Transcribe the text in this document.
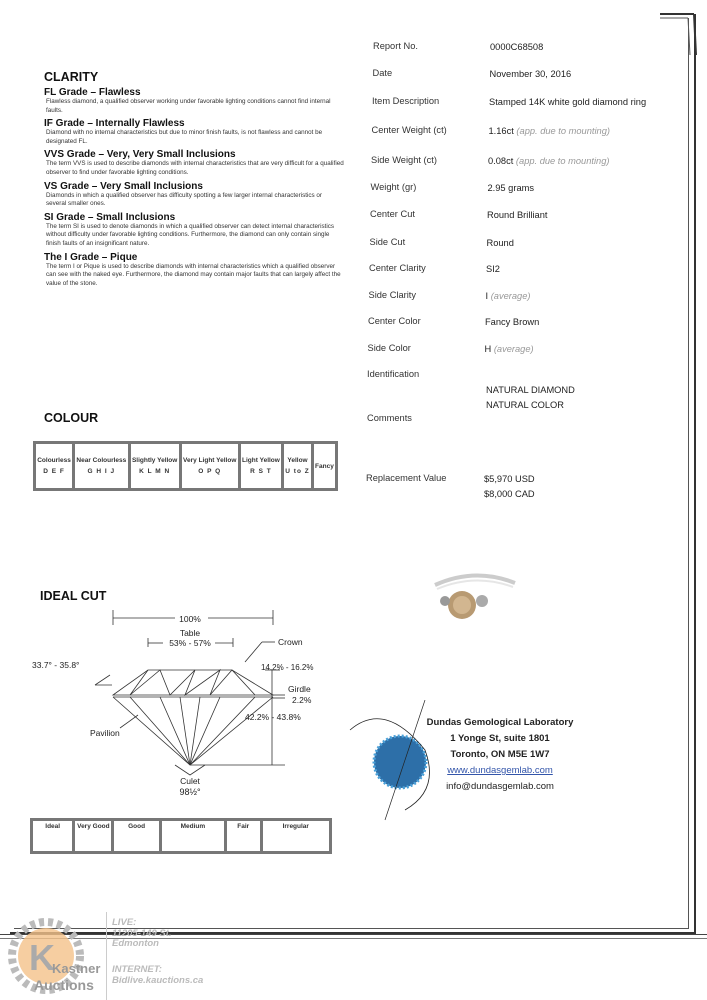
CLARITY
FL Grade – Flawless
Flawless diamond, a qualified observer working under favorable lighting conditions cannot find internal faults.
IF Grade – Internally Flawless
Diamond with no internal characteristics but due to minor finish faults, is not flawless and cannot be designated FL.
VVS Grade – Very, Very Small Inclusions
The term VVS is used to describe diamonds with internal characteristics that are very difficult for a qualified observer to find under favorable lighting conditions.
VS Grade – Very Small Inclusions
Diamonds in which a qualified observer has difficulty spotting a few larger internal characteristics or several smaller ones.
SI Grade – Small Inclusions
The term SI is used to denote diamonds in which a qualified observer can detect internal characteristics without difficulty under favorable lighting conditions. Furthermore, the diamond can only contain single finish faults of an insignificant nature.
The I Grade – Pique
The term I or Pique is used to describe diamonds with internal characteristics which a qualified observer can see with the naked eye. Furthermore, the diamond may contain major faults that can largely affect the value of the stone.
COLOUR
Colourless
D E F

Near Colourless
G H I J

Slightly Yellow
K L M N

Very Light Yellow
O P Q

Light Yellow
R S T

Yellow
U to Z

Fancy
IDEAL CUT
100%
Table
53% - 57%	Crown
33.7° - 35.8°	14.2% - 16.2%
Girdle
2.2%
42.2% - 43.8%
Pavilion
Culet
98½°
Ideal	Very Good	Good	Medium	Fair	Irregular
Report No.	0000C68508
Date	November 30, 2016
Item Description	Stamped 14K white gold diamond ring
Center Weight (ct)	1.16ct (app. due to mounting)
Side Weight (ct)	0.08ct (app. due to mounting)
Weight (gr)	2.95 grams
Center Cut	Round Brilliant
Side Cut	Round
Center Clarity	SI2
Side Clarity	I (average)
Center Color	Fancy Brown
Side Color	H (average)
Identification
NATURAL DIAMOND
NATURAL COLOR
Comments
Replacement Value	$5,970 USD
$8,000 CAD
Dundas Gemological Laboratory
1 Yonge St, suite 1801
Toronto, ON M5E 1W7
www.dundasgemlab.com
info@dundasgemlab.com
K
Kastner
Auctions
LIVE:
11205-149 St.
Edmonton
INTERNET:
Bidlive.kauctions.ca
